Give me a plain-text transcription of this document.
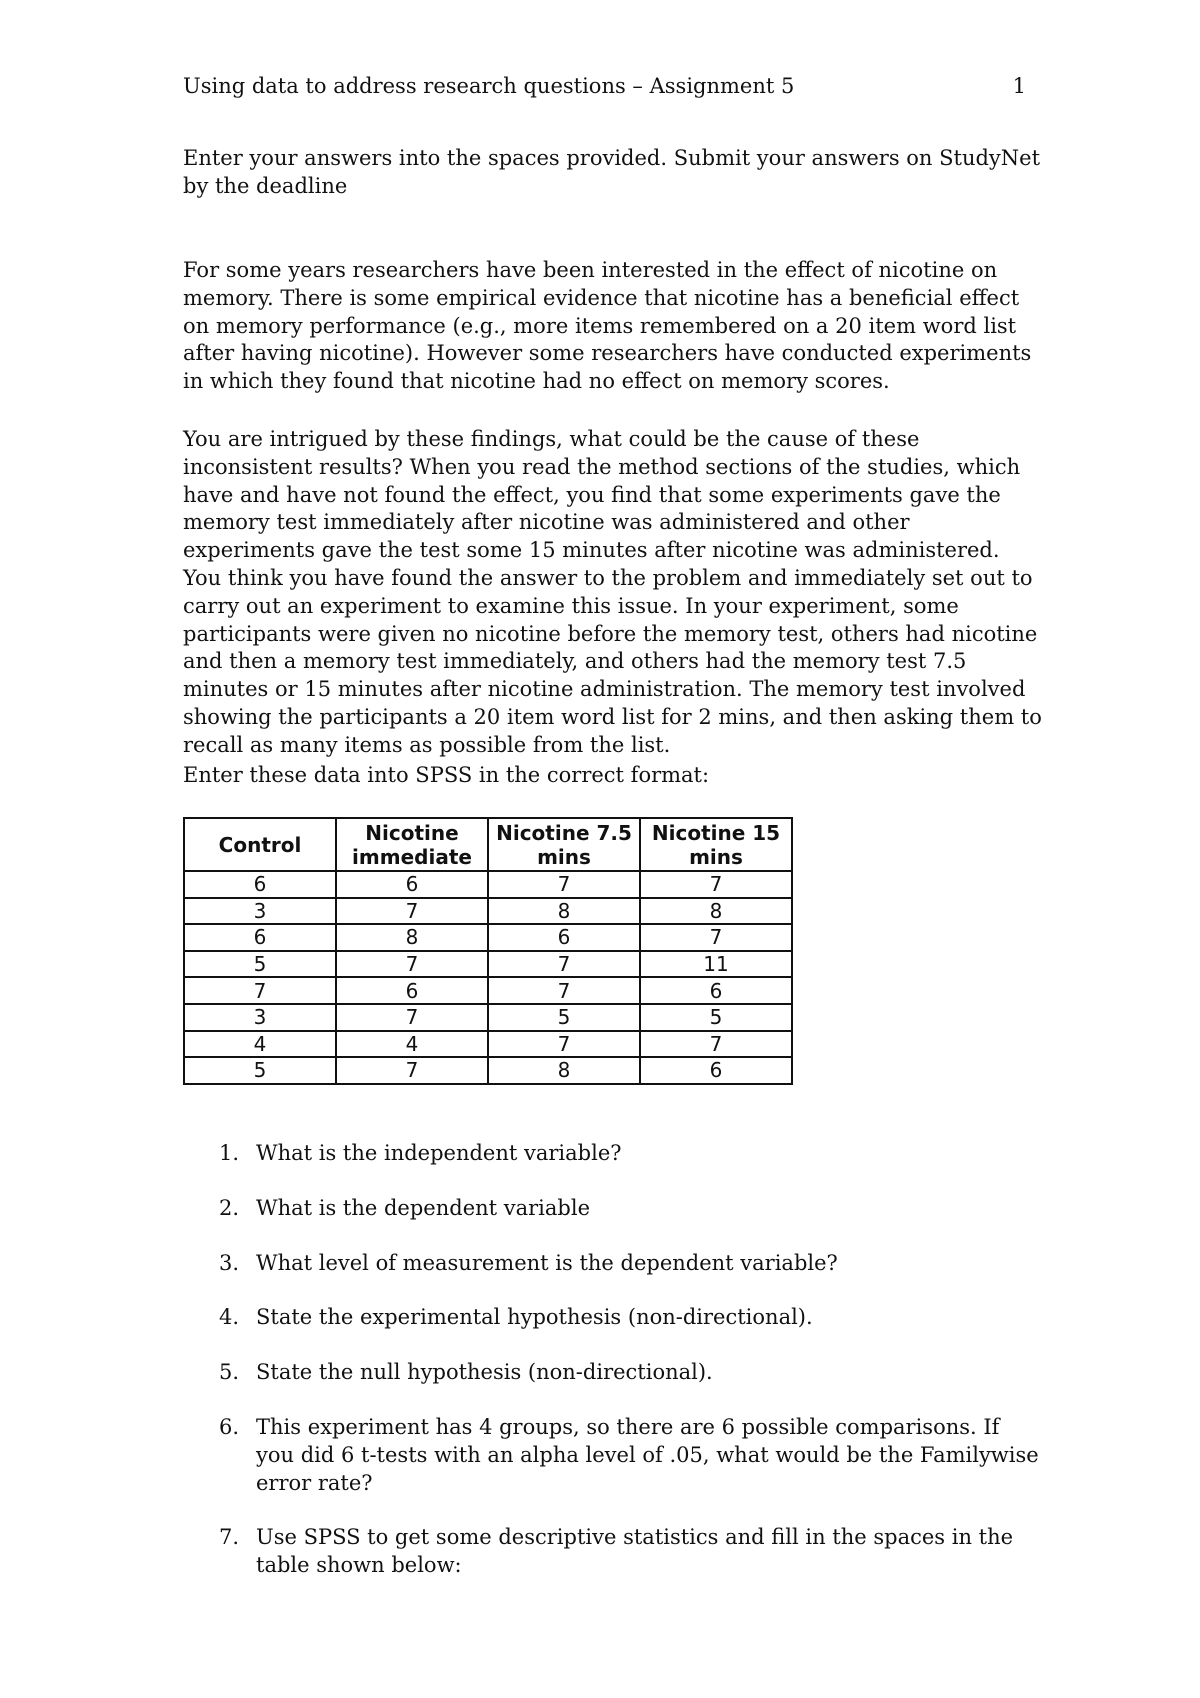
Using data to address research questions – Assignment 5	1

Enter your answers into the spaces provided. Submit your answers on StudyNet by the deadline

For some years researchers have been interested in the effect of nicotine on memory. There is some empirical evidence that nicotine has a beneficial effect on memory performance (e.g., more items remembered on a 20 item word list after having nicotine). However some researchers have conducted experiments in which they found that nicotine had no effect on memory scores.

You are intrigued by these findings, what could be the cause of these inconsistent results? When you read the method sections of the studies, which have and have not found the effect, you find that some experiments gave the memory test immediately after nicotine was administered and other experiments gave the test some 15 minutes after nicotine was administered. You think you have found the answer to the problem and immediately set out to carry out an experiment to examine this issue. In your experiment, some participants were given no nicotine before the memory test, others had nicotine and then a memory test immediately, and others had the memory test 7.5 minutes or 15 minutes after nicotine administration. The memory test involved showing the participants a 20 item word list for 2 mins, and then asking them to recall as many items as possible from the list.

Enter these data into SPSS in the correct format:

Control	Nicotine immediate	Nicotine 7.5 mins	Nicotine 15 mins
6	6	7	7
3	7	8	8
6	8	6	7
5	7	7	11
7	6	7	6
3	7	5	5
4	4	7	7
5	7	8	6
1. What is the independent variable?
2. What is the dependent variable
3. What level of measurement is the dependent variable?
4. State the experimental hypothesis (non-directional).
5. State the null hypothesis (non-directional).
6. This experiment has 4 groups, so there are 6 possible comparisons. If you did 6 t-tests with an alpha level of .05, what would be the Familywise error rate?
7. Use SPSS to get some descriptive statistics and fill in the spaces in the table shown below:
